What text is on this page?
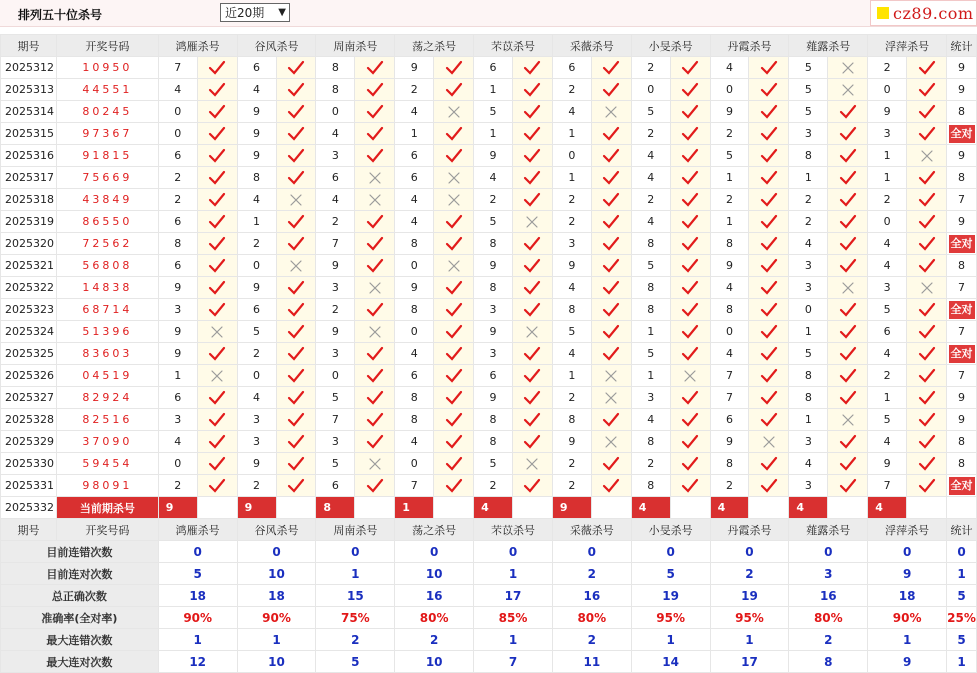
排列五十位杀号	近20期 ▼	cz89.com
期号	开奖号码	鸿雁杀号		谷风杀号		周南杀号		荡之杀号		芣苡杀号		采薇杀号		小旻杀号		丹霞杀号		薤露杀号		浮萍杀号		统计
2025312	10950	7		6		8		9		6		6		2		4		5		2		9
2025313	44551	4		4		8		2		1		2		0		0		5		0		9
2025314	80245	0		9		0		4		5		4		5		9		5		9		8
2025315	97367	0		9		4		1		1		1		2		2		3		3		全对
2025316	91815	6		9		3		6		9		0		4		5		8		1		9
2025317	75669	2		8		6		6		4		1		4		1		1		1		8
2025318	43849	2		4		4		4		2		2		2		2		2		2		7
2025319	86550	6		1		2		4		5		2		4		1		2		0		9
2025320	72562	8		2		7		8		8		3		8		8		4		4		全对
2025321	56808	6		0		9		0		9		9		5		9		3		4		8
2025322	14838	9		9		3		9		8		4		8		4		3		3		7
2025323	68714	3		6		2		8		3		8		8		8		0		5		全对
2025324	51396	9		5		9		0		9		5		1		0		1		6		7
2025325	83603	9		2		3		4		3		4		5		4		5		4		全对
2025326	04519	1		0		0		6		6		1		1		7		8		2		7
2025327	82924	6		4		5		8		9		2		3		7		8		1		9
2025328	82516	3		3		7		8		8		8		4		6		1		5		9
2025329	37090	4		3		3		4		8		9		8		9		3		4		8
2025330	59454	0		9		5		0		5		2		2		8		4		9		8
2025331	98091	2		2		6		7		2		2		8		2		3		7		全对
2025332	当前期杀号	9		9		8		1		4		9		4		4		4		4		
期号	开奖号码	鸿雁杀号		谷风杀号		周南杀号		荡之杀号		芣苡杀号		采薇杀号		小旻杀号		丹霞杀号		薤露杀号		浮萍杀号		统计
目前连错次数		0		0		0		0		0		0		0		0		0		0		0
目前连对次数		5		10		1		10		1		2		5		2		3		9		1
总正确次数		18		18		15		16		17		16		19		19		16		18		5
准确率(全对率)		90%		90%		75%		80%		85%		80%		95%		95%		80%		90%		25%
最大连错次数		1		1		2		2		1		2		1		1		2		1		5
最大连对次数		12		10		5		10		7		11		14		17		8		9		1
